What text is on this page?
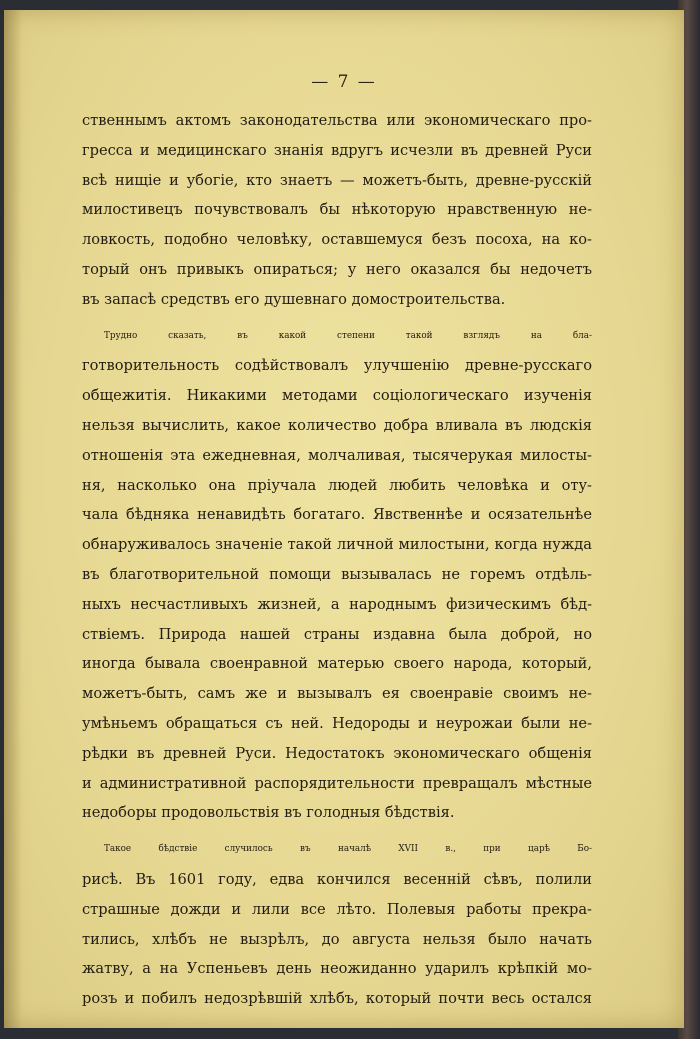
— 7 —

ственнымъ актомъ законодательства или экономическаго про-
гресса и медицинскаго знанія вдругъ исчезли въ древней Руси
всѣ нищіе и убогіе, кто знаетъ — можетъ-быть, древне-русскій
милостивецъ почувствовалъ бы нѣкоторую нравственную не-
ловкость, подобно человѣку, оставшемуся безъ посоха, на ко-
торый онъ привыкъ опираться; у него оказался бы недочетъ
въ запасѣ средствъ его душевнаго домостроительства.

Трудно сказать, въ какой степени такой взглядъ на бла-
готворительность содѣйствовалъ улучшенію древне-русскаго
общежитія. Никакими методами соціологическаго изученія
нельзя вычислить, какое количество добра вливала въ людскія
отношенія эта ежедневная, молчаливая, тысячерукая милосты-
ня, насколько она пріучала людей любить человѣка и оту-
чала бѣдняка ненавидѣть богатаго. Явственнѣе и осязательнѣе
обнаруживалось значеніе такой личной милостыни, когда нужда
въ благотворительной помощи вызывалась не горемъ отдѣль-
ныхъ несчастливыхъ жизней, а народнымъ физическимъ бѣд-
ствіемъ. Природа нашей страны издавна была доброй, но
иногда бывала своенравной матерью своего народа, который,
можетъ-быть, самъ же и вызывалъ ея своенравіе своимъ не-
умѣньемъ обращаться съ ней. Недороды и неурожаи были не-
рѣдки въ древней Руси. Недостатокъ экономическаго общенія
и административной распорядительности превращалъ мѣстные
недоборы продовольствія въ голодныя бѣдствія.

Такое бѣдствіе случилось въ началѣ XVII в., при царѣ Бо-
рисѣ. Въ 1601 году, едва кончился весенній сѣвъ, полили
страшные дожди и лили все лѣто. Полевыя работы прекра-
тились, хлѣбъ не вызрѣлъ, до августа нельзя было начать
жатву, а на Успеньевъ день неожиданно ударилъ крѣпкій мо-
розъ и побилъ недозрѣвшій хлѣбъ, который почти весь остался
